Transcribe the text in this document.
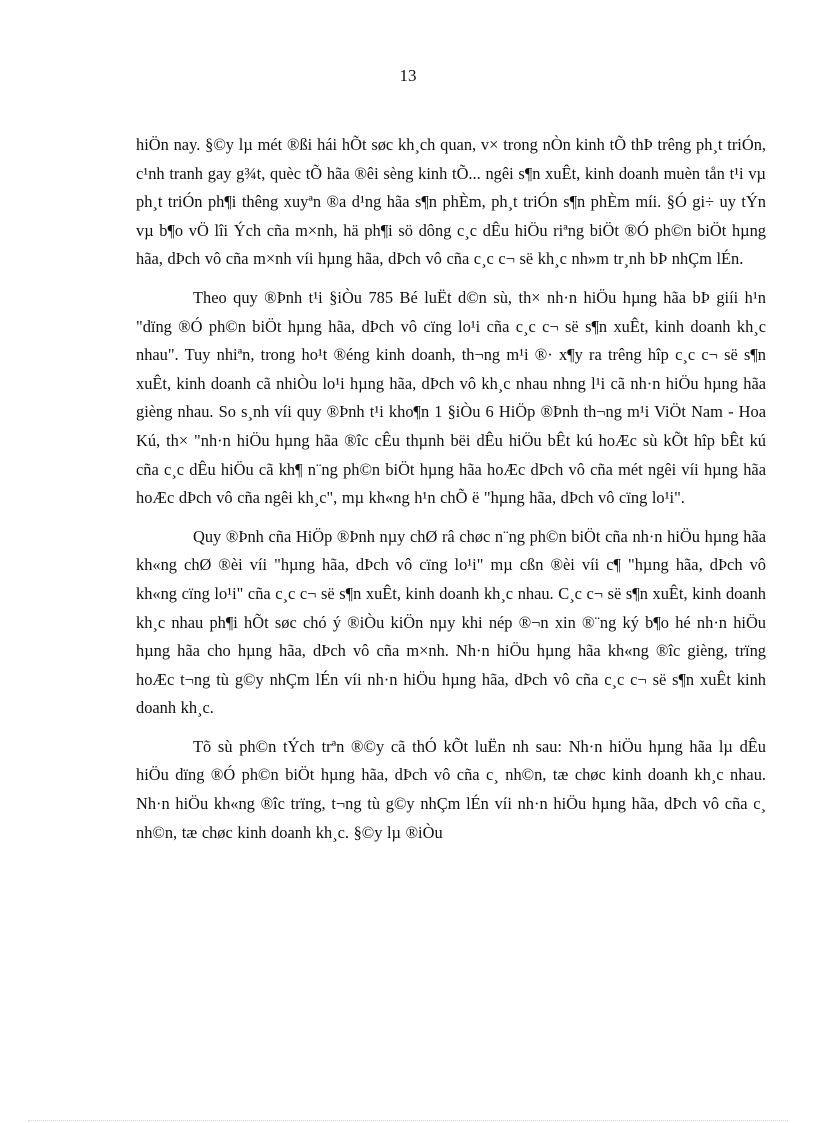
13

hiÖn nay. §©y lµ mét ®ßi hái hÕt søc kh¸ch quan, v× trong nÒn kinh tÕ thÞ trêng ph¸t triÓn, c¹nh tranh gay g¾t, quèc tÕ hãa ®êi sèng kinh tÕ... ngêi s¶n xuÊt, kinh doanh muèn tån t¹i vµ ph¸t triÓn ph¶i thêng xuyªn ®a d¹ng hãa s¶n phÈm, ph¸t triÓn s¶n phÈm míi. §Ó gi÷ uy tÝn vµ b¶o vÖ lîi Ých cña m×nh, hä ph¶i sö dông c¸c dÊu hiÖu riªng biÖt ®Ó ph©n biÖt hµng hãa, dÞch vô cña m×nh víi hµng hãa, dÞch vô cña c¸c c¬ së kh¸c nh»m tr¸nh bÞ nhÇm lÉn.

Theo quy ®Þnh t¹i §iÒu 785 Bé luËt d©n sù, th× nh·n hiÖu hµng hãa bÞ giíi h¹n "dïng ®Ó ph©n biÖt hµng hãa, dÞch vô cïng lo¹i cña c¸c c¬ së s¶n xuÊt, kinh doanh kh¸c nhau". Tuy nhiªn, trong ho¹t ®éng kinh doanh, th¬ng m¹i ®· x¶y ra trêng hîp c¸c c¬ së s¶n xuÊt, kinh doanh cã nhiÒu lo¹i hµng hãa, dÞch vô kh¸c nhau nhng l¹i cã nh·n hiÖu hµng hãa gièng nhau. So s¸nh víi quy ®Þnh t¹i kho¶n 1 §iÒu 6 HiÖp ®Þnh th¬ng m¹i ViÖt Nam - Hoa Kú, th× "nh·n hiÖu hµng hãa ®îc cÊu thµnh bëi dÊu hiÖu bÊt kú hoÆc sù kÕt hîp bÊt kú cña c¸c dÊu hiÖu cã kh¶ n¨ng ph©n biÖt hµng hãa hoÆc dÞch vô cña mét ngêi víi hµng hãa hoÆc dÞch vô cña ngêi kh¸c", mµ kh«ng h¹n chÕ ë "hµng hãa, dÞch vô cïng lo¹i".

Quy ®Þnh cña HiÖp ®Þnh nµy chØ râ chøc n¨ng ph©n biÖt cña nh·n hiÖu hµng hãa kh«ng chØ ®èi víi "hµng hãa, dÞch vô cïng lo¹i" mµ cßn ®èi víi c¶ "hµng hãa, dÞch vô kh«ng cïng lo¹i" cña c¸c c¬ së s¶n xuÊt, kinh doanh kh¸c nhau. C¸c c¬ së s¶n xuÊt, kinh doanh kh¸c nhau ph¶i hÕt søc chó ý ®iÒu kiÖn nµy khi nép ®¬n xin ®¨ng ký b¶o hé nh·n hiÖu hµng hãa cho hµng hãa, dÞch vô cña m×nh. Nh·n hiÖu hµng hãa kh«ng ®îc gièng, trïng hoÆc t¬ng tù g©y nhÇm lÉn víi nh·n hiÖu hµng hãa, dÞch vô cña c¸c c¬ së s¶n xuÊt kinh doanh kh¸c.

Tõ sù ph©n tÝch trªn ®©y cã thÓ kÕt luËn nh sau: Nh·n hiÖu hµng hãa lµ dÊu hiÖu dïng ®Ó ph©n biÖt hµng hãa, dÞch vô cña c¸ nh©n, tæ chøc kinh doanh kh¸c nhau. Nh·n hiÖu kh«ng ®îc trïng, t¬ng tù g©y nhÇm lÉn víi nh·n hiÖu hµng hãa, dÞch vô cña c¸ nh©n, tæ chøc kinh doanh kh¸c. §©y lµ ®iÒu
